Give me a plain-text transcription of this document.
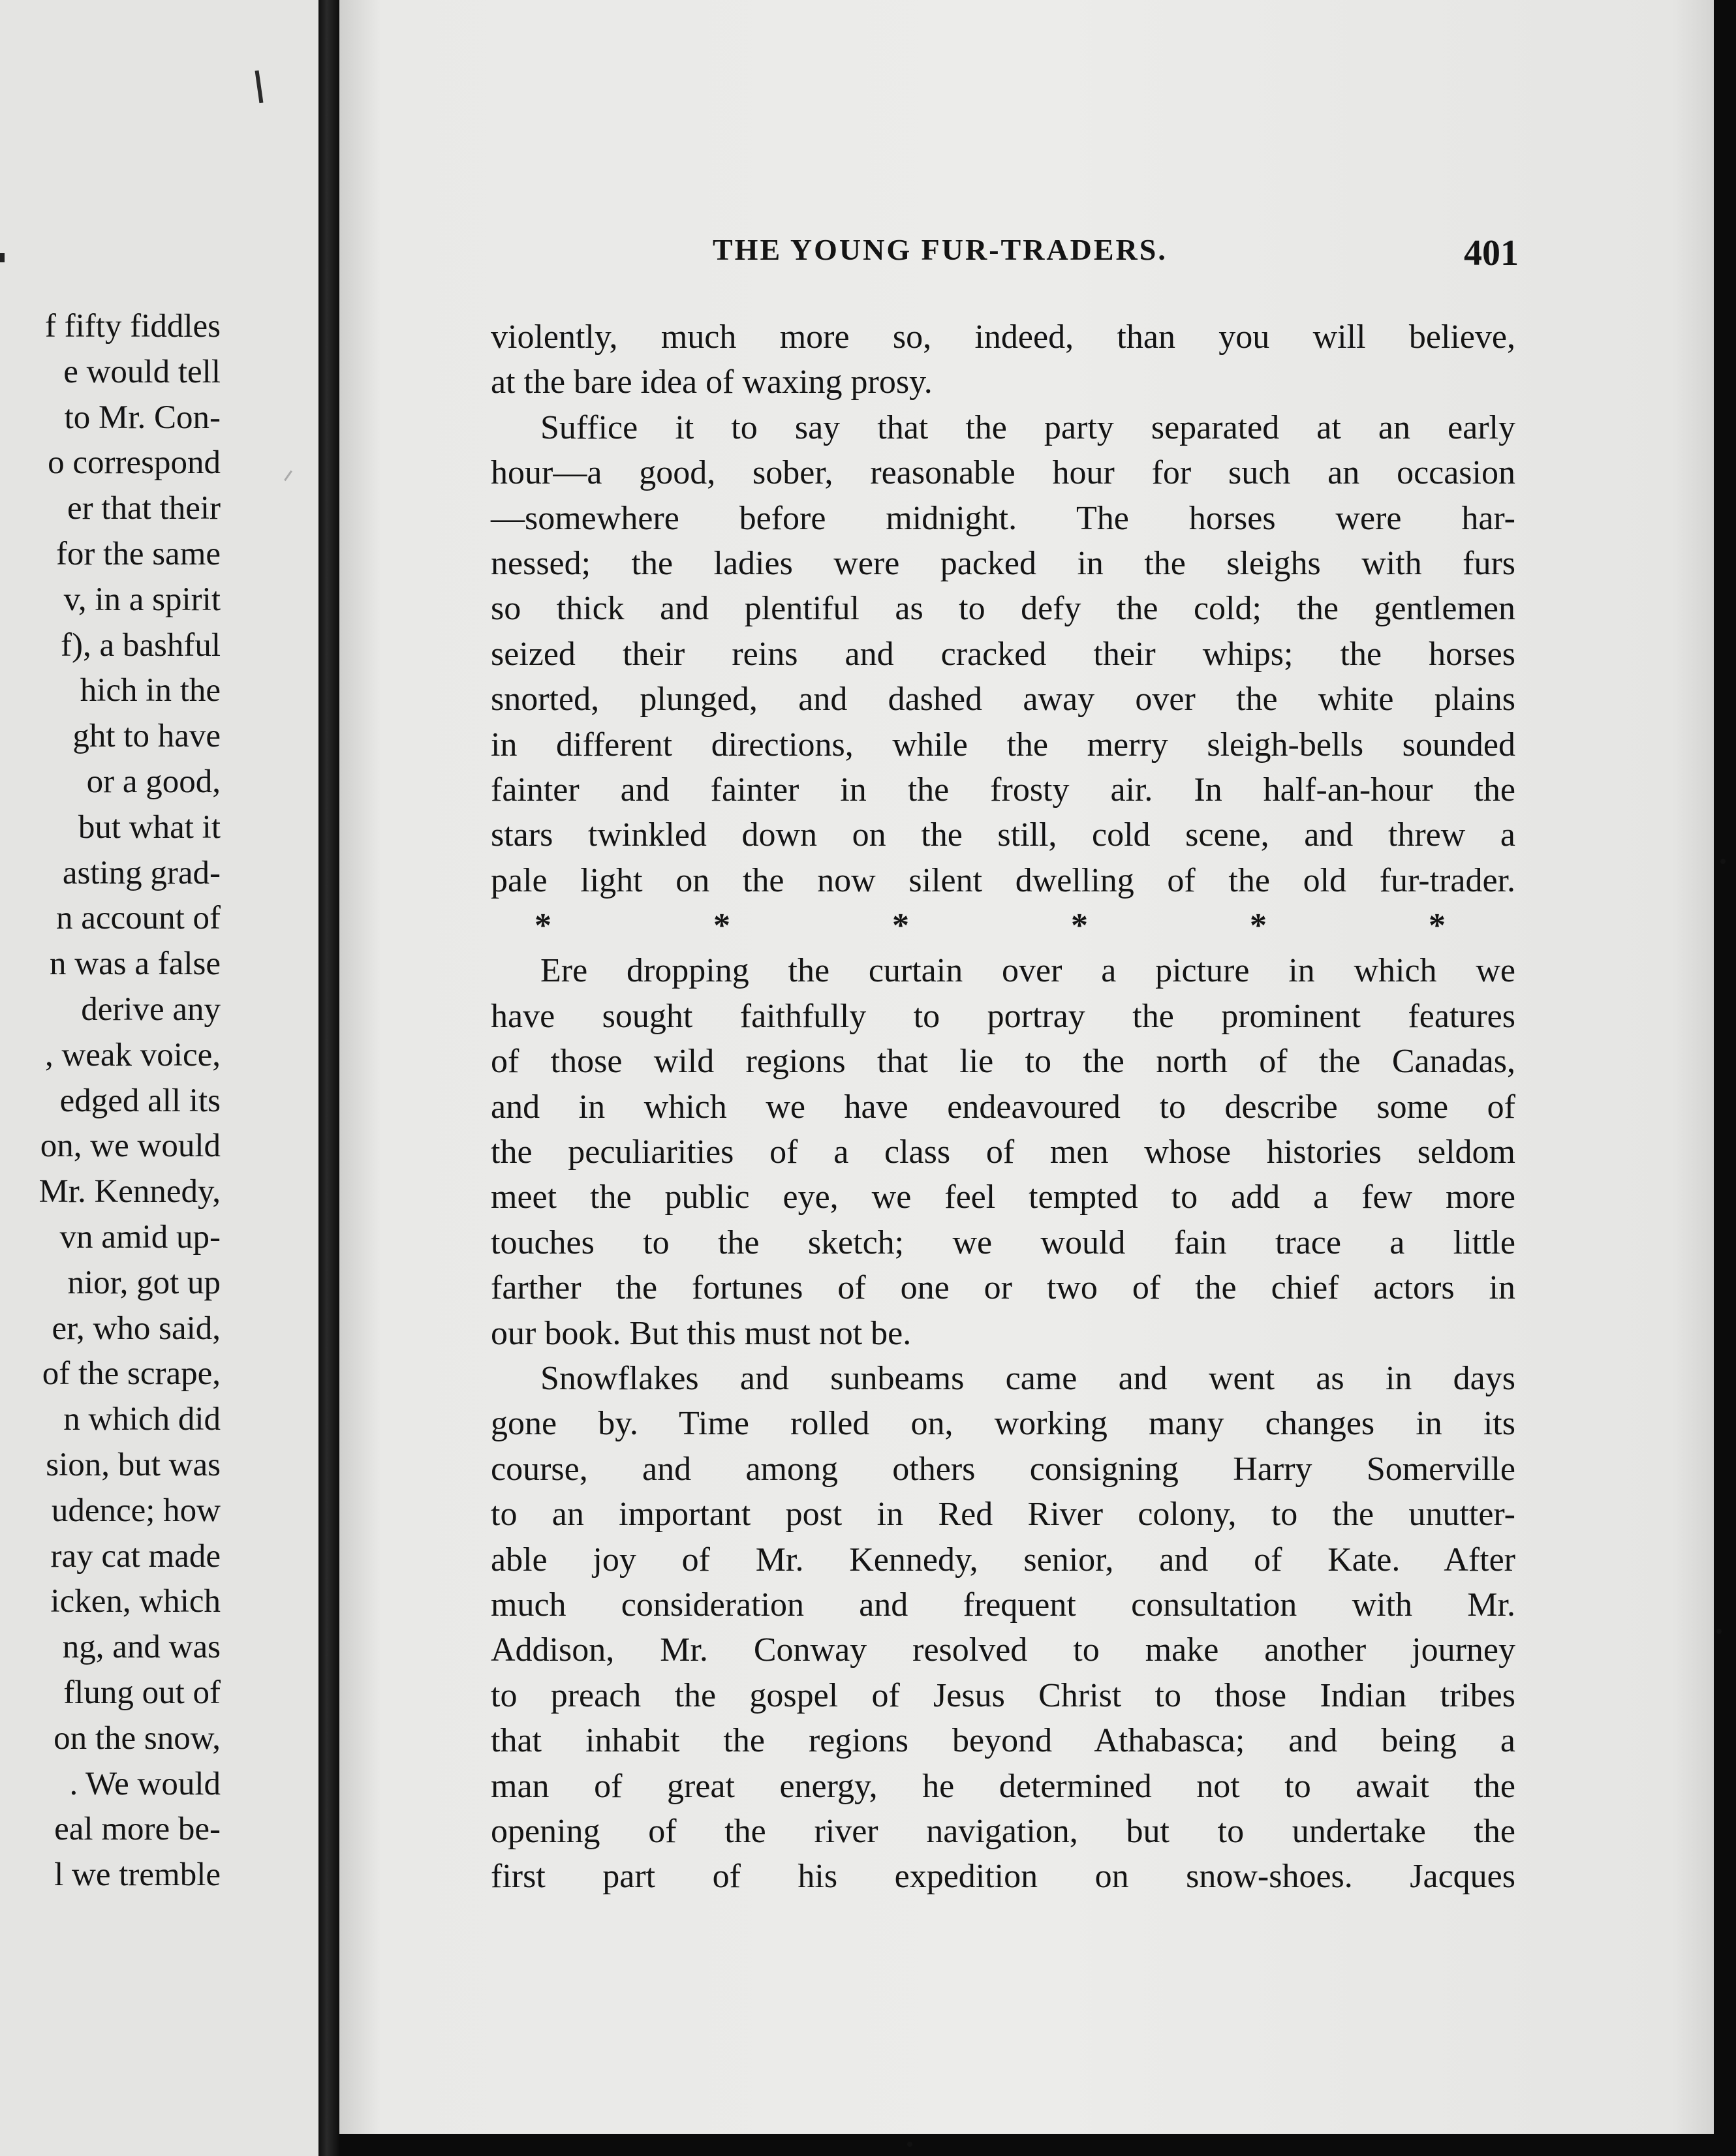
f fifty fiddles
e would tell
to Mr. Con-
o correspond
er that their
for the same
v, in a spirit
f), a bashful
hich in the
ght to have
or a good,
but what it
asting grad-
n account of
n was a false
derive any
, weak voice,
edged all its
on, we would
Mr. Kennedy,
vn amid up-
nior, got up
er, who said,
of the scrape,
n which did
sion, but was
udence; how
ray cat made
icken, which
ng, and was
flung out of
on the snow,
. We would
eal more be-
l we tremble
THE YOUNG FUR-TRADERS.	401
violently, much more so, indeed, than you will believe,
at the bare idea of waxing prosy.
Suffice it to say that the party separated at an early
hour—a good, sober, reasonable hour for such an occasion
—somewhere before midnight. The horses were har-
nessed; the ladies were packed in the sleighs with furs
so thick and plentiful as to defy the cold; the gentlemen
seized their reins and cracked their whips; the horses
snorted, plunged, and dashed away over the white plains
in different directions, while the merry sleigh-bells sounded
fainter and fainter in the frosty air. In half-an-hour the
stars twinkled down on the still, cold scene, and threw a
pale light on the now silent dwelling of the old fur-trader.
*	*	*	*	*	*
Ere dropping the curtain over a picture in which we
have sought faithfully to portray the prominent features
of those wild regions that lie to the north of the Canadas,
and in which we have endeavoured to describe some of
the peculiarities of a class of men whose histories seldom
meet the public eye, we feel tempted to add a few more
touches to the sketch; we would fain trace a little
farther the fortunes of one or two of the chief actors in
our book. But this must not be.
Snowflakes and sunbeams came and went as in days
gone by. Time rolled on, working many changes in its
course, and among others consigning Harry Somerville
to an important post in Red River colony, to the unutter-
able joy of Mr. Kennedy, senior, and of Kate. After
much consideration and frequent consultation with Mr.
Addison, Mr. Conway resolved to make another journey
to preach the gospel of Jesus Christ to those Indian tribes
that inhabit the regions beyond Athabasca; and being a
man of great energy, he determined not to await the
opening of the river navigation, but to undertake the
first part of his expedition on snow-shoes. Jacques
